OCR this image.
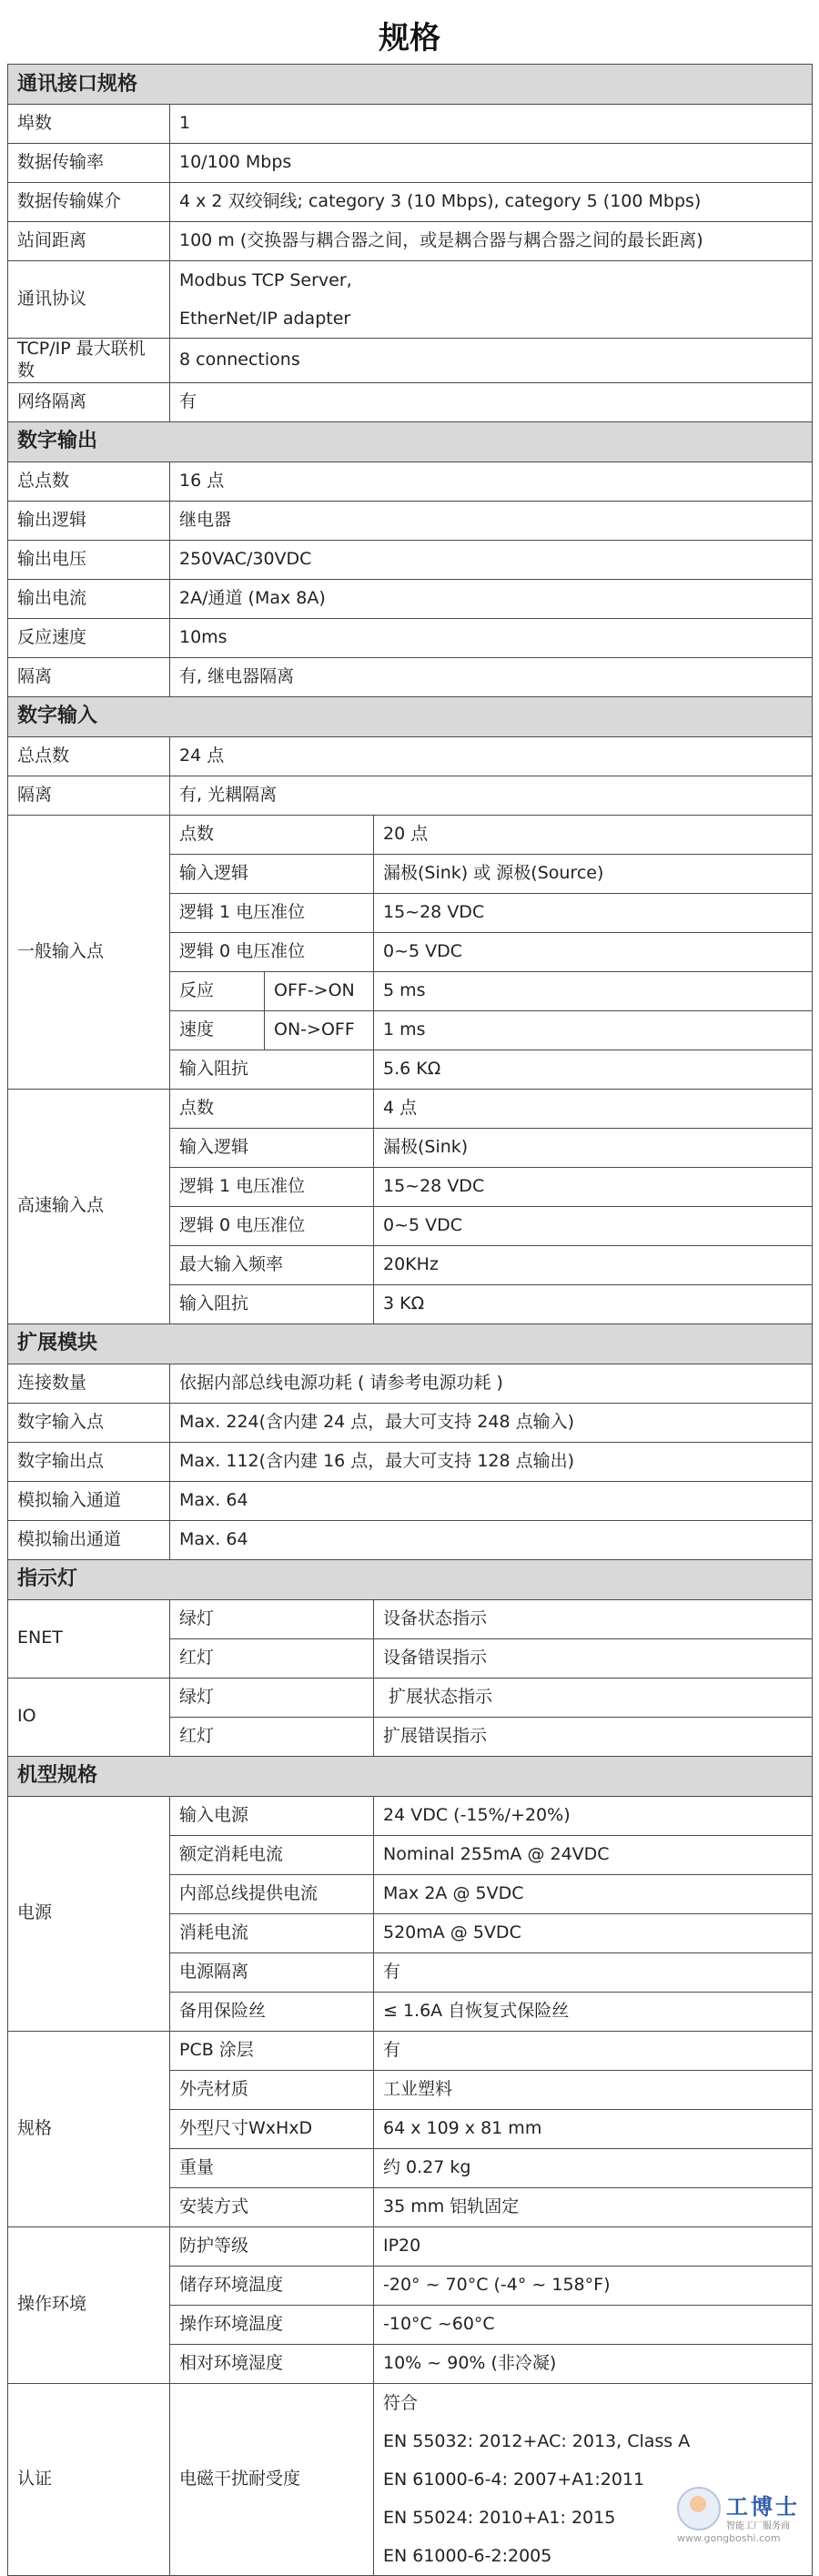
规格
通讯接口规格			
埠数	1		
数据传输率	10/100 Mbps		
数据传输媒介	4 x 2 双绞铜线; category 3 (10 Mbps), category 5 (100 Mbps)		
站间距离	100 m (交换器与耦合器之间，或是耦合器与耦合器之间的最长距离)		
通讯协议	Modbus TCP Server,
EtherNet/IP adapter		

TCP/IP 最大联机数	8 connections		
网络隔离	有		
数字输出			
总点数	16 点		
输出逻辑	继电器		
输出电压	250VAC/30VDC		
输出电流	2A/通道 (Max 8A)		
反应速度	10ms		
隔离	有, 继电器隔离		
数字输入			
总点数	24 点		
隔离	有, 光耦隔离		
一般输入点	点数		20 点
	输入逻辑		漏极(Sink) 或 源极(Source)
	逻辑 1 电压准位		15~28 VDC
	逻辑 0 电压准位		0~5 VDC
	反应	OFF->ON	5 ms
	速度	ON->OFF	1 ms
	输入阻抗		5.6 KΩ
高速输入点	点数		4 点
	输入逻辑		漏极(Sink)
	逻辑 1 电压准位		15~28 VDC
	逻辑 0 电压准位		0~5 VDC
	最大输入频率		20KHz
	输入阻抗		3 KΩ
扩展模块			
连接数量	依据内部总线电源功耗 ( 请参考电源功耗 )		
数字输入点	Max. 224(含内建 24 点，最大可支持 248 点输入)		
数字输出点	Max. 112(含内建 16 点，最大可支持 128 点输出)		
模拟输入通道	Max. 64		
模拟输出通道	Max. 64		
指示灯			
ENET	绿灯		设备状态指示
	红灯		设备错误指示
IO	绿灯		扩展状态指示
	红灯		扩展错误指示
机型规格			
电源	输入电源		24 VDC (-15%/+20%)
	额定消耗电流		Nominal 255mA @ 24VDC
	内部总线提供电流		Max 2A @ 5VDC
	消耗电流		520mA @ 5VDC
	电源隔离		有
	备用保险丝		≤ 1.6A 自恢复式保险丝
规格	PCB 涂层		有
	外壳材质		工业塑料
	外型尺寸WxHxD		64 x 109 x 81 mm
	重量		约 0.27 kg
	安装方式		35 mm 铝轨固定
操作环境	防护等级		IP20
	储存环境温度		-20° ~ 70°C (-4° ~ 158°F)
	操作环境温度		-10°C ~60°C
	相对环境湿度		10% ~ 90% (非冷凝)
认证	电磁干扰耐受度		符合
EN 55032: 2012+AC: 2013, Class A
EN 61000-6-4: 2007+A1:2011
EN 55024: 2010+A1: 2015
EN 61000-6-2:2005
工博士
智能工厂服务商
www.gongboshi.com
